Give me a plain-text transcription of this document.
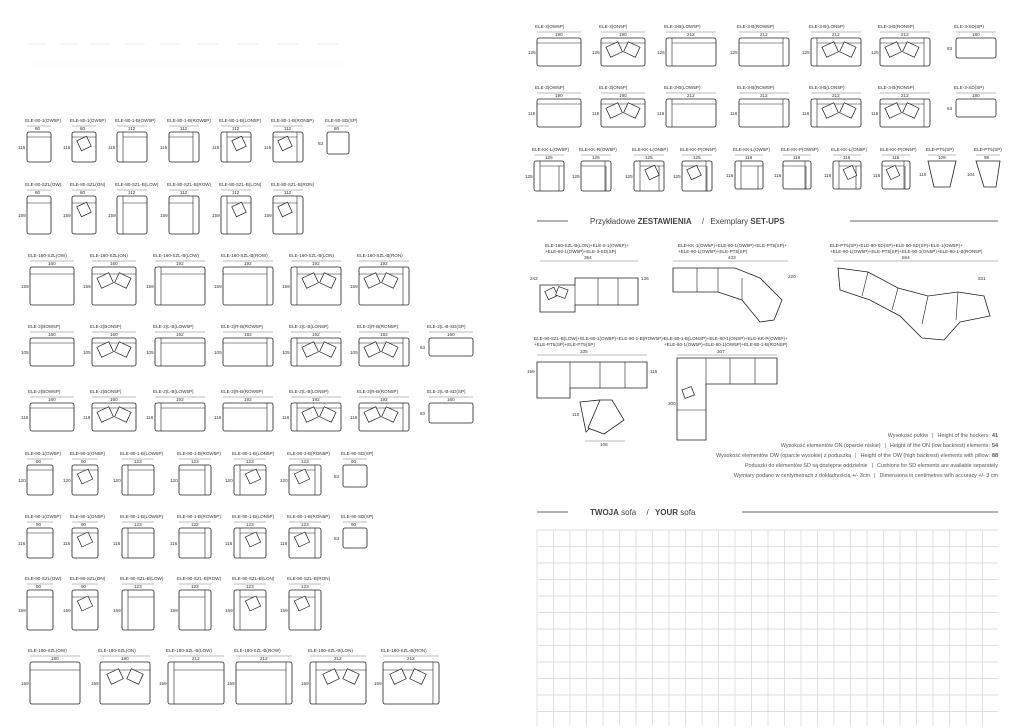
ELE-80-1(OW5P)
80
115
ELE-80-1(OW5P)
80
116
ELE-80-1-B(OW5P)
112
115
ELE-80-1-B(ROW5P)
112
115
ELE-80-1-B(LON5P)
112
115
ELE-80-1-B(RON5P)
112
115
ELE-80-SD(SP)
80
83
ELE-80-SZL(OW)
80
159
ELE-80-SZL(ON)
80
159
ELE-80-SZL-B(LOW)
112
159
ELE-80-SZL-B(ROW)
112
159
ELE-80-SZL-B(LON)
112
159
ELE-80-SZL-B(RON)
112
159
ELE-160-SZL(OW)
160
159
ELE-160-SZL(ON)
160
159
ELE-160-SZL-B(LOW)
192
159
ELE-160-SZL-B(ROW)
192
159
ELE-160-SZL-B(LON)
192
159
ELE-160-SZL-B(RON)
192
159
ELE-2(BOW5P)
160
105
ELE-2(BON5P)
160
105
ELE-2(L-B(LOW5P)
192
105
ELE-2(R-B(ROW5P)
192
105
ELE-2(L-B(LON5P)
192
105
ELE-2(R-B(RON5P)
192
105
ELE-2(L-B-SD(SP)
160
63
ELE-2(BOW5P)
160
116
ELE-2(BON5P)
160
116
ELE-2(L-B(LOW5P)
192
116
ELE-2(R-B(ROW5P)
192
116
ELE-2(L-B(LON5P)
192
116
ELE-2(R-B(RON5P)
192
116
ELE-2(L-B-SD(SP)
160
83
ELE-90-1(OW5P)
90
120
ELE-90-1(ON5P)
90
120
ELE-90-1-B(LOW5P)
123
120
ELE-90-1-B(ROW5P)
123
120
ELE-90-1-B(LON5P)
123
120
ELE-90-1-B(RON5P)
123
120
ELE-90-SD(SP)
90
83
ELE-90-1(OW5P)
90
116
ELE-90-1(ON5P)
90
116
ELE-90-1-B(LOW5P)
123
116
ELE-90-1-B(ROW5P)
123
116
ELE-90-1-B(LON5P)
123
116
ELE-90-1-B(RON5P)
123
116
ELE-90-SD(SP)
90
63
ELE-90-SZL(OW)
90
159
ELE-90-SZL(ON)
90
159
ELE-90-SZL-B(LOW)
123
159
ELE-90-SZL-B(ROW)
123
159
ELE-90-SZL-B(LON)
123
159
ELE-90-SZL-B(RON)
123
159
ELE-180-SZL(OW)
180
159
ELE-180-SZL(ON)
180
159
ELE-180-SZL-B(LOW)
212
159
ELE-180-SZL-B(ROW)
212
159
ELE-180-SZL-B(LON)
212
159
ELE-180-SZL-B(RON)
212
159
ELE-3(OW5P)
190
125
ELE-3(ON5P)
190
125
ELE-3-B(LOW5P)
212
125
ELE-3-B(ROW5P)
212
125
ELE-3-B(LON5P)
212
125
ELE-3-B(RON5P)
212
125
ELE-3-SD(SP)
180
83
ELE-3(OW5P)
190
116
ELE-3(ON5P)
190
116
ELE-3-B(LOW5P)
212
116
ELE-3-B(ROW5P)
212
116
ELE-3-B(LON5P)
212
116
ELE-3-B(RON5P)
212
116
ELE-3-SD(SP)
180
63
ELE-KK-L(OW5P)
125
125
ELE-KK-R(OW5P)
125
125
ELE-KK-L(ON5P)
125
125
ELE-KK-P(ON5P)
125
125
ELE-KK-L(OW5P)
116
116
ELE-KK-P(OW5P)
116
116
ELE-KK-L(ON5P)
116
116
ELE-KK-P(ON5P)
116
116
ELE-PT5(SP)
109
110
ELE-PT5(SP)
99
104
Przykładowe ZESTAWIENIA / Exemplary SET-UPS
ELE-160-SZL-B(LON)+ELE-0-1(OW5P)+
+ELE-90-1(OW5P)+ELE-3-SD(SP)
364
242	136
ELE-KK-1(OW5P)+ELE-90-1(OW5P)+ELE-PT5(SP)+
+ELE-90-1(OW5P)+ELE-PT5(SP)
433
220
ELE-PT5(SP)+ELE-90-SD(SP)+ELE-90-SD(SP)+ELE-1(OW5P)+
+ELE-90-1(OW5P)+ELE-PT5(SP)+ELE-90-1(ON5P)+ELE-90-1-B(RON5P)
564
331
ELE-90-SZL-B(LOW)+ELE-90-1(OW5P)+ELE-90-1-B(ROW5P)+
+ELE-PT5(SP)+ELE-PT5(SP)
335
159	115
ELE-80-1-B(LONSP)+ELE-80-1(ONSP)+ELE-KK-P(OW5P)+
+ELE-80-1(OW5P)+ELE-80-1(OW5P)+ELE-80-1-B(RONSP)
307
300
108
110
Wysokość pufów | Height of the hockers: 41
Wysokość elementów ON (oparcie niskie) | Height of the ON (low backrest) elements: 54
Wysokość elementów OW (oparcie wysokie) z poduszką | Height of the OW (high backrest) elements with pillow: 88
Poduszki do elementów SD są dostępne oddzielnie | Cushions for SD elements are available separately
Wymiary podano w centymetrach z dokładnością +/- 3cm | Dimensions in centimetres with accuracy +/- 3 cm
TWOJA sofa / YOUR sofa
